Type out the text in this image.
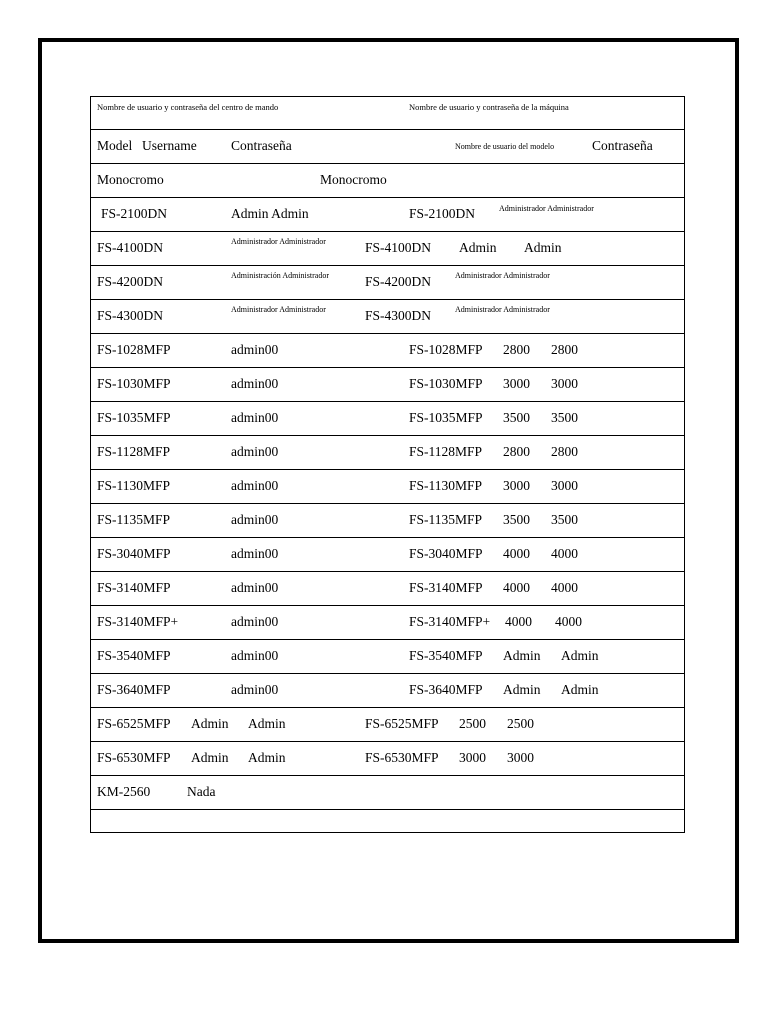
Nombre de usuario y contraseña del centro de mando	Nombre de usuario y contraseña de la máquina
Model Username	Contraseña	Nombre de usuario del modelo	Contraseña
Monocromo	Monocromo
FS-2100DN	Admin Admin	FS-2100DN	Administrador Administrador
FS-4100DN	Administrador Administrador	FS-4100DN Admin Admin
FS-4200DN	Administración Administrador	FS-4200DN	Administrador Administrador
FS-4300DN	Administrador Administrador	FS-4300DN	Administrador Administrador
FS-1028MFP	admin00	FS-1028MFP 2800 2800
FS-1030MFP	admin00	FS-1030MFP 3000 3000
FS-1035MFP	admin00	FS-1035MFP 3500 3500
FS-1128MFP	admin00	FS-1128MFP 2800 2800
FS-1130MFP	admin00	FS-1130MFP 3000 3000
FS-1135MFP	admin00	FS-1135MFP 3500 3500
FS-3040MFP	admin00	FS-3040MFP 4000 4000
FS-3140MFP	admin00	FS-3140MFP 4000 4000
FS-3140MFP+	admin00	FS-3140MFP+ 4000 4000
FS-3540MFP	admin00	FS-3540MFP Admin Admin
FS-3640MFP	admin00	FS-3640MFP Admin Admin
FS-6525MFP Admin Admin	FS-6525MFP 2500 2500
FS-6530MFP Admin Admin	FS-6530MFP 3000 3000
KM-2560	Nada
